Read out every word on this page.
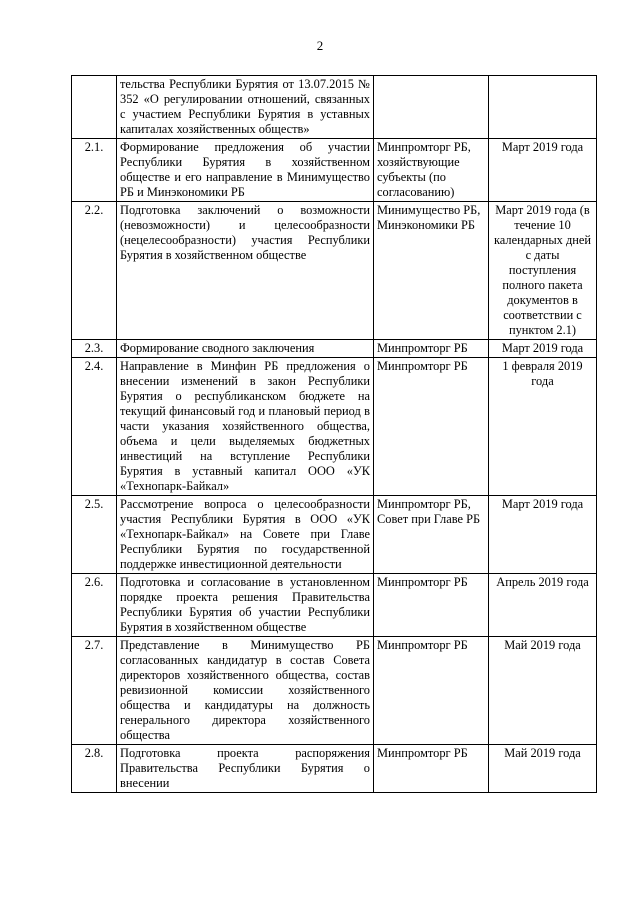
2
	тельства Республики Бурятия от 13.07.2015 № 352 «О регулировании отношений, связанных с участием Республики Бурятия в уставных капиталах хозяйственных обществ»		
2.1.	Формирование предложения об участии Республики Бурятия в хозяйственном обществе и его направление в Минимущество РБ и Минэкономики РБ	Минпромторг РБ, хозяйствующие субъекты (по согласованию)	Март 2019 года
2.2.	Подготовка заключений о возможности (невозможности) и целесообразности (нецелесообразности) участия Республики Бурятия в хозяйственном обществе	Минимущество РБ, Минэкономики РБ	Март 2019 года (в течение 10 календарных дней с даты поступления полного пакета документов в соответствии с пунктом 2.1)
2.3.	Формирование сводного заключения	Минпромторг РБ	Март 2019 года
2.4.	Направление в Минфин РБ предложения о внесении изменений в закон Республики Бурятия о республиканском бюджете на текущий финансовый год и плановый период в части указания хозяйственного общества, объема и цели выделяемых бюджетных инвестиций на вступление Республики Бурятия в уставный капитал ООО «УК «Технопарк-Байкал»	Минпромторг РБ	1 февраля 2019 года
2.5.	Рассмотрение вопроса о целесообразности участия Республики Бурятия в ООО «УК «Технопарк-Байкал» на Совете при Главе Республики Бурятия по государственной поддержке инвестиционной деятельности	Минпромторг РБ, Совет при Главе РБ	Март 2019 года
2.6.	Подготовка и согласование в установленном порядке проекта решения Правительства Республики Бурятия об участии Республики Бурятия в хозяйственном обществе	Минпромторг РБ	Апрель 2019 года
2.7.	Представление в Минимущество РБ согласованных кандидатур в состав Совета директоров хозяйственного общества, состав ревизионной комиссии хозяйственного общества и кандидатуры на должность генерального директора хозяйственного общества	Минпромторг РБ	Май 2019 года
2.8.	Подготовка проекта распоряжения Правительства Республики Бурятия о внесении	Минпромторг РБ	Май 2019 года
